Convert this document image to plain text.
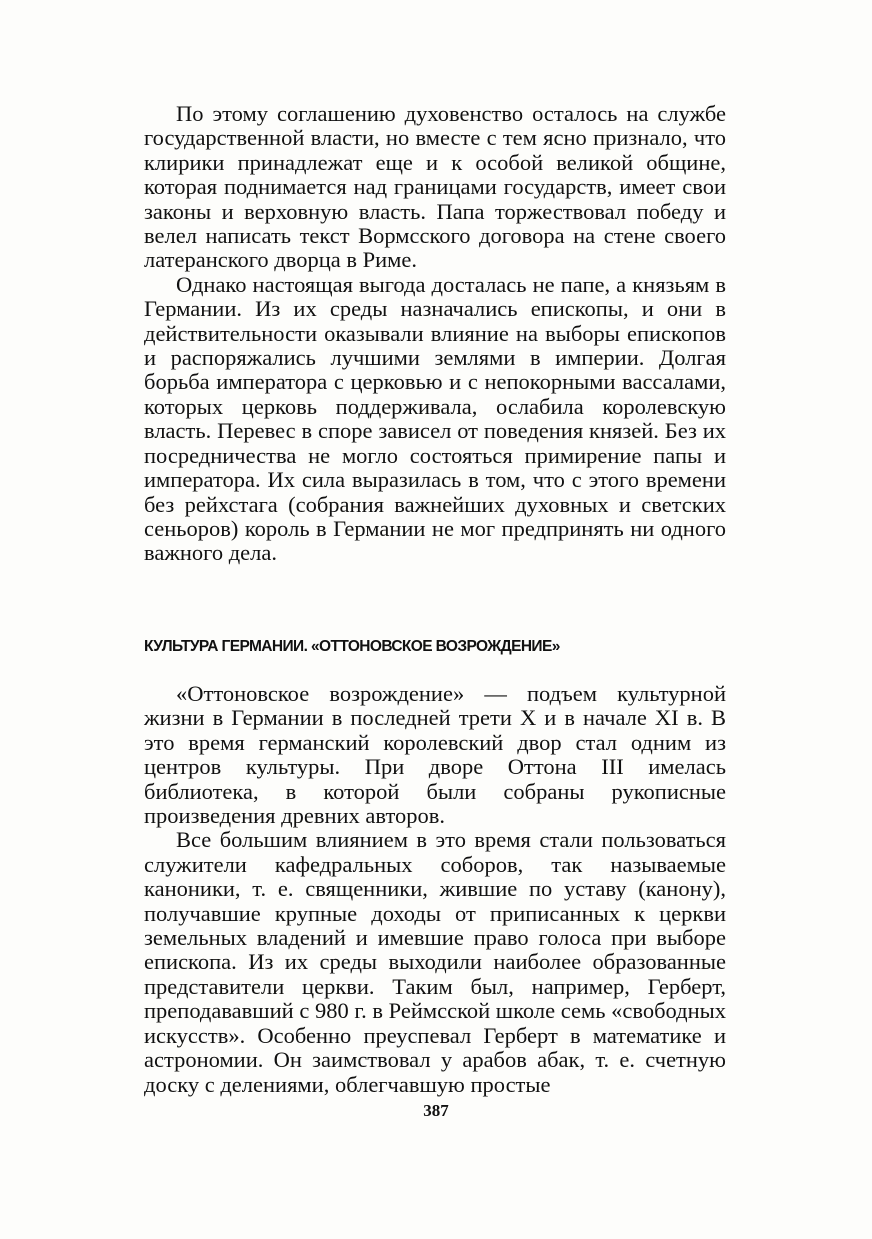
По этому соглашению духовенство осталось на службе государственной власти, но вместе с тем ясно признало, что клирики принадлежат еще и к особой великой общине, которая поднимается над границами государств, имеет свои законы и верховную власть. Папа торжествовал победу и велел написать текст Вормсского договора на стене своего латеранского дворца в Риме.

Однако настоящая выгода досталась не папе, а князьям в Германии. Из их среды назначались епископы, и они в действительности оказывали влияние на выборы епископов и распоряжались лучшими землями в империи. Долгая борьба императора с церковью и с непокорными вассалами, которых церковь поддерживала, ослабила королевскую власть. Перевес в споре зависел от поведения князей. Без их посредничества не могло состояться примирение папы и императора. Их сила выразилась в том, что с этого времени без рейхстага (собрания важнейших духовных и светских сеньоров) король в Германии не мог предпринять ни одного важного дела.

КУЛЬТУРА ГЕРМАНИИ. «ОТТОНОВСКОЕ ВОЗРОЖДЕНИЕ»

«Оттоновское возрождение» — подъем культурной жизни в Германии в последней трети X и в начале XI в. В это время германский королевский двор стал одним из центров культуры. При дворе Оттона III имелась библиотека, в которой были собраны рукописные произведения древних авторов.

Все большим влиянием в это время стали пользоваться служители кафедральных соборов, так называемые каноники, т. е. священники, жившие по уставу (канону), получавшие крупные доходы от приписанных к церкви земельных владений и имевшие право голоса при выборе епископа. Из их среды выходили наиболее образованные представители церкви. Таким был, например, Герберт, преподававший с 980 г. в Реймсской школе семь «свободных искусств». Особенно преуспевал Герберт в математике и астрономии. Он заимствовал у арабов абак, т. е. счетную доску с делениями, облегчавшую простые

387
